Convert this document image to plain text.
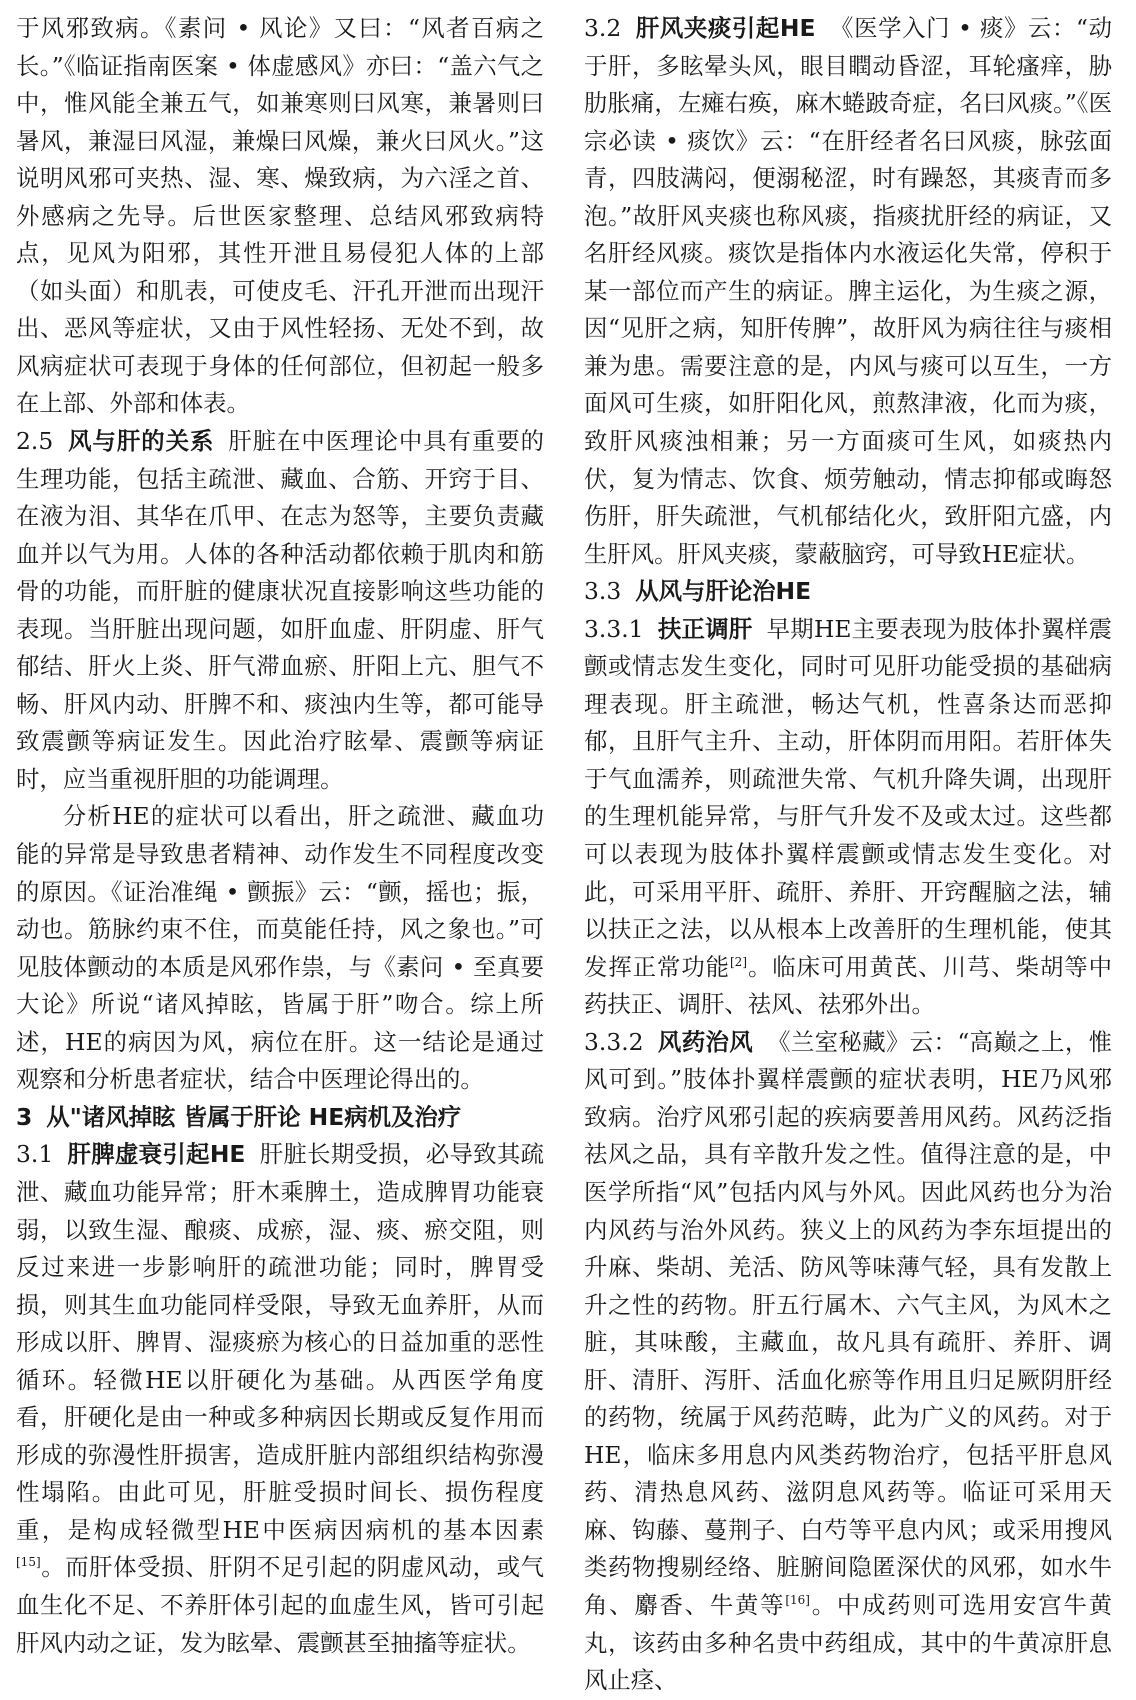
于风邪致病。《素问 • 风论》又曰：“风者百病之长。”《临证指南医案 • 体虚感风》亦曰：“盖六气之中，惟风能全兼五气，如兼寒则曰风寒，兼暑则曰暑风，兼湿曰风湿，兼燥曰风燥，兼火曰风火。”这说明风邪可夹热、湿、寒、燥致病，为六淫之首、外感病之先导。后世医家整理、总结风邪致病特点，见风为阳邪，其性开泄且易侵犯人体的上部（如头面）和肌表，可使皮毛、汗孔开泄而出现汗出、恶风等症状，又由于风性轻扬、无处不到，故风病症状可表现于身体的任何部位，但初起一般多在上部、外部和体表。

2.5 风与肝的关系 肝脏在中医理论中具有重要的生理功能，包括主疏泄、藏血、合筋、开窍于目、在液为泪、其华在爪甲、在志为怒等，主要负责藏血并以气为用。人体的各种活动都依赖于肌肉和筋骨的功能，而肝脏的健康状况直接影响这些功能的表现。当肝脏出现问题，如肝血虚、肝阴虚、肝气郁结、肝火上炎、肝气滞血瘀、肝阳上亢、胆气不畅、肝风内动、肝脾不和、痰浊内生等，都可能导致震颤等病证发生。因此治疗眩晕、震颤等病证时，应当重视肝胆的功能调理。

分析HE的症状可以看出，肝之疏泄、藏血功能的异常是导致患者精神、动作发生不同程度改变的原因。《证治准绳 • 颤振》云：“颤，摇也；振，动也。筋脉约束不住，而莫能任持，风之象也。”可见肢体颤动的本质是风邪作祟，与《素问 • 至真要大论》所说“诸风掉眩，皆属于肝”吻合。综上所述，HE的病因为风，病位在肝。这一结论是通过观察和分析患者症状，结合中医理论得出的。

3 从"诸风掉眩 皆属于肝论 HE病机及治疗

3.1 肝脾虚衰引起HE 肝脏长期受损，必导致其疏泄、藏血功能异常；肝木乘脾土，造成脾胃功能衰弱，以致生湿、酿痰、成瘀，湿、痰、瘀交阻，则反过来进一步影响肝的疏泄功能；同时，脾胃受损，则其生血功能同样受限，导致无血养肝，从而形成以肝、脾胃、湿痰瘀为核心的日益加重的恶性循环。轻微HE以肝硬化为基础。从西医学角度看，肝硬化是由一种或多种病因长期或反复作用而形成的弥漫性肝损害，造成肝脏内部组织结构弥漫性塌陷。由此可见，肝脏受损时间长、损伤程度重，是构成轻微型HE中医病因病机的基本因素[15]。而肝体受损、肝阴不足引起的阴虚风动，或气血生化不足、不养肝体引起的血虚生风，皆可引起肝风内动之证，发为眩晕、震颤甚至抽搐等症状。

3.2 肝风夹痰引起HE 《医学入门 • 痰》云：“动于肝，多眩晕头风，眼目瞤动昏涩，耳轮瘙痒，胁肋胀痛，左瘫右痪，麻木蜷跛奇症，名曰风痰。”《医宗必读 • 痰饮》云：“在肝经者名曰风痰，脉弦面青，四肢满闷，便溺秘涩，时有躁怒，其痰青而多泡。”故肝风夹痰也称风痰，指痰扰肝经的病证，又名肝经风痰。痰饮是指体内水液运化失常，停积于某一部位而产生的病证。脾主运化，为生痰之源，因“见肝之病，知肝传脾”，故肝风为病往往与痰相兼为患。需要注意的是，内风与痰可以互生，一方面风可生痰，如肝阳化风，煎熬津液，化而为痰，致肝风痰浊相兼；另一方面痰可生风，如痰热内伏，复为情志、饮食、烦劳触动，情志抑郁或晦怒伤肝，肝失疏泄，气机郁结化火，致肝阳亢盛，内生肝风。肝风夹痰，蒙蔽脑窍，可导致HE症状。

3.3 从风与肝论治HE

3.3.1 扶正调肝 早期HE主要表现为肢体扑翼样震颤或情志发生变化，同时可见肝功能受损的基础病理表现。肝主疏泄，畅达气机，性喜条达而恶抑郁，且肝气主升、主动，肝体阴而用阳。若肝体失于气血濡养，则疏泄失常、气机升降失调，出现肝的生理机能异常，与肝气升发不及或太过。这些都可以表现为肢体扑翼样震颤或情志发生变化。对此，可采用平肝、疏肝、养肝、开窍醒脑之法，辅以扶正之法，以从根本上改善肝的生理机能，使其发挥正常功能[2]。临床可用黄芪、川芎、柴胡等中药扶正、调肝、祛风、祛邪外出。

3.3.2 风药治风 《兰室秘藏》云：“高巅之上，惟风可到。”肢体扑翼样震颤的症状表明，HE乃风邪致病。治疗风邪引起的疾病要善用风药。风药泛指祛风之品，具有辛散升发之性。值得注意的是，中医学所指“风”包括内风与外风。因此风药也分为治内风药与治外风药。狭义上的风药为李东垣提出的升麻、柴胡、羌活、防风等味薄气轻，具有发散上升之性的药物。肝五行属木、六气主风，为风木之脏，其味酸，主藏血，故凡具有疏肝、养肝、调肝、清肝、泻肝、活血化瘀等作用且归足厥阴肝经的药物，统属于风药范畴，此为广义的风药。对于HE，临床多用息内风类药物治疗，包括平肝息风药、清热息风药、滋阴息风药等。临证可采用天麻、钩藤、蔓荆子、白芍等平息内风；或采用搜风类药物搜剔经络、脏腑间隐匿深伏的风邪，如水牛角、麝香、牛黄等[16]。中成药则可选用安宫牛黄丸，该药由多种名贵中药组成，其中的牛黄凉肝息风止痉、
